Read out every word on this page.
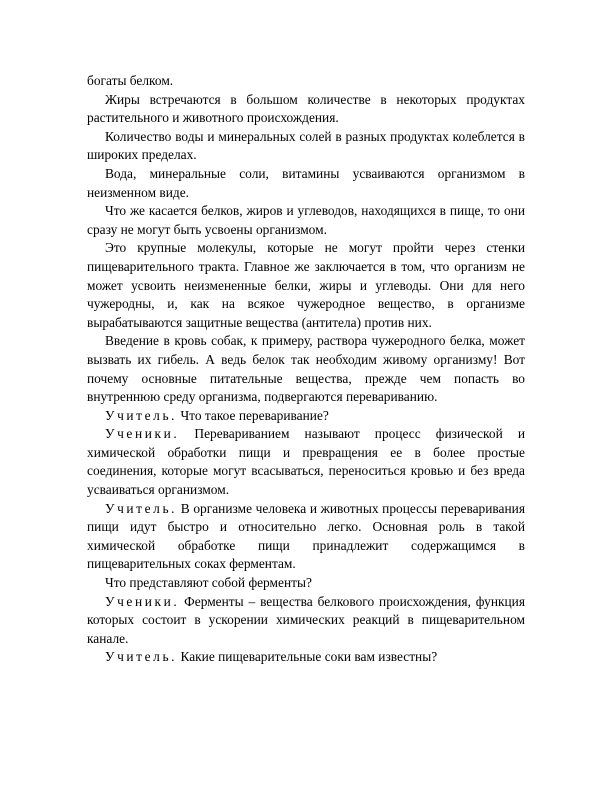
богаты белком.

Жиры встречаются в большом количестве в некоторых продуктах растительного и животного происхождения.

Количество воды и минеральных солей в разных продуктах колеблется в широких пределах.

Вода, минеральные соли, витамины усваиваются организмом в неизменном виде.

Что же касается белков, жиров и углеводов, находящихся в пище, то они сразу не могут быть усвоены организмом.

Это крупные молекулы, которые не могут пройти через стенки пищеварительного тракта. Главное же заключается в том, что организм не может усвоить неизмененные белки, жиры и углеводы. Они для него чужеродны, и, как на всякое чужеродное вещество, в организме вырабатываются защитные вещества (антитела) против них.

Введение в кровь собак, к примеру, раствора чужеродного белка, может вызвать их гибель. А ведь белок так необходим живому организму! Вот почему основные питательные вещества, прежде чем попасть во внутреннюю среду организма, подвергаются перевариванию.

Учитель. Что такое переваривание?

Ученики. Перевариванием называют процесс физической и химической обработки пищи и превращения ее в более простые соединения, которые могут всасываться, переноситься кровью и без вреда усваиваться организмом.

Учитель. В организме человека и животных процессы переваривания пищи идут быстро и относительно легко. Основная роль в такой химической обработке пищи принадлежит содержащимся в пищеварительных соках ферментам.

Что представляют собой ферменты?

Ученики. Ферменты – вещества белкового происхождения, функция которых состоит в ускорении химических реакций в пищеварительном канале.

Учитель. Какие пищеварительные соки вам известны?
